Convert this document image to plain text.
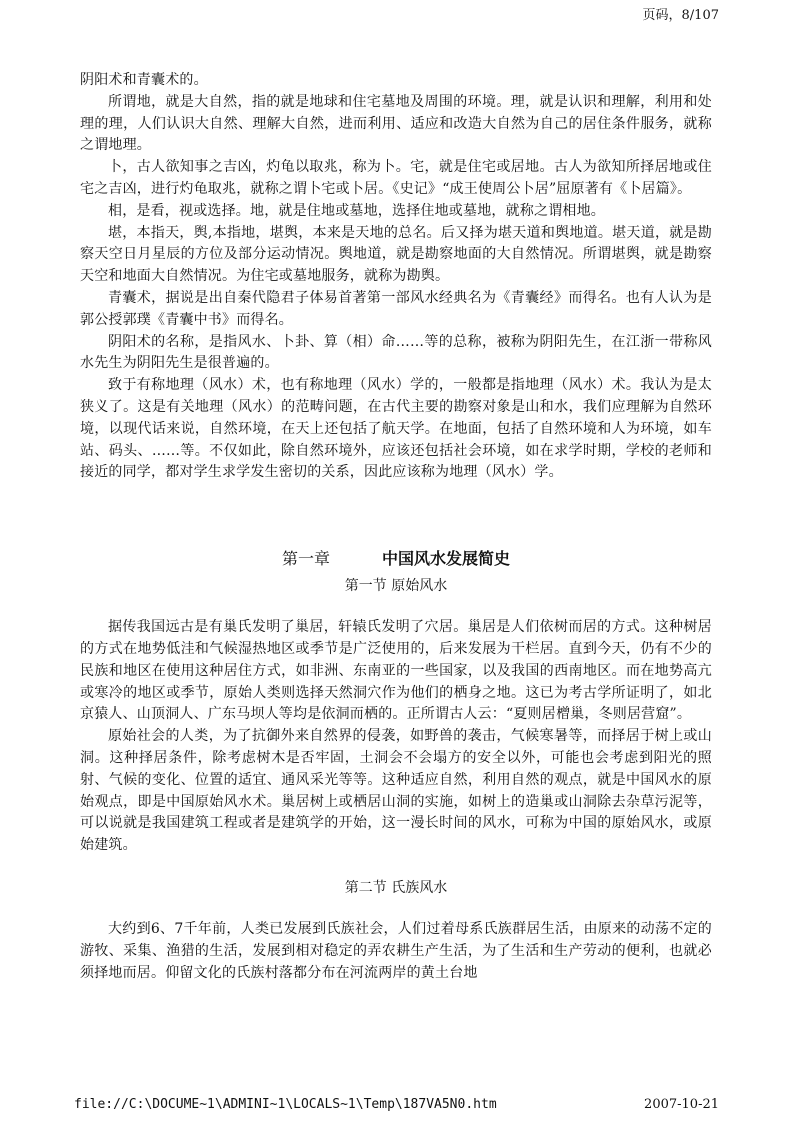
页码，8/107

阴阳术和青囊术的。

所谓地，就是大自然，指的就是地球和住宅墓地及周围的环境。理，就是认识和理解，利用和处理的理，人们认识大自然、理解大自然，进而利用、适应和改造大自然为自己的居住条件服务，就称之谓地理。

卜，古人欲知事之吉凶，灼龟以取兆，称为卜。宅，就是住宅或居地。古人为欲知所择居地或住宅之吉凶，进行灼龟取兆，就称之谓卜宅或卜居。《史记》“成王使周公卜居”屈原著有《卜居篇》。

相，是看，视或选择。地，就是住地或墓地，选择住地或墓地，就称之谓相地。

堪，本指天，舆,本指地，堪舆，本来是天地的总名。后又择为堪天道和舆地道。堪天道，就是勘察天空日月星辰的方位及部分运动情况。舆地道，就是勘察地面的大自然情况。所谓堪舆，就是勘察天空和地面大自然情况。为住宅或墓地服务，就称为勘舆。

青囊术，据说是出自秦代隐君子体易首著第一部风水经典名为《青囊经》而得名。也有人认为是郭公授郭璞《青囊中书》而得名。

阴阳术的名称，是指风水、卜卦、算（相）命……等的总称，被称为阴阳先生，在江浙一带称风水先生为阴阳先生是很普遍的。

致于有称地理（风水）术，也有称地理（风水）学的，一般都是指地理（风水）术。我认为是太狭义了。这是有关地理（风水）的范畴问题，在古代主要的勘察对象是山和水，我们应理解为自然环境，以现代话来说，自然环境，在天上还包括了航天学。在地面，包括了自然环境和人为环境，如车站、码头、……等。不仅如此，除自然环境外，应该还包括社会环境，如在求学时期，学校的老师和接近的同学，都对学生求学发生密切的关系，因此应该称为地理（风水）学。

第一章	中国风水发展简史
第一节 原始风水

据传我国远古是有巢氏发明了巢居，轩辕氏发明了穴居。巢居是人们依树而居的方式。这种树居的方式在地势低洼和气候湿热地区或季节是广泛使用的，后来发展为干栏居。直到今天，仍有不少的民族和地区在使用这种居住方式，如非洲、东南亚的一些国家，以及我国的西南地区。而在地势高亢或寒冷的地区或季节，原始人类则选择天然洞穴作为他们的栖身之地。这已为考古学所证明了，如北京猿人、山顶洞人、广东马坝人等均是依洞而栖的。正所谓古人云：“夏则居橧巢，冬则居营窟”。

原始社会的人类，为了抗御外来自然界的侵袭，如野兽的袭击，气候寒暑等，而择居于树上或山洞。这种择居条件，除考虑树木是否牢固，土洞会不会塌方的安全以外，可能也会考虑到阳光的照射、气候的变化、位置的适宜、通风采光等等。这种适应自然，利用自然的观点，就是中国风水的原始观点，即是中国原始风水术。巢居树上或栖居山洞的实施，如树上的造巢或山洞除去杂草污泥等，可以说就是我国建筑工程或者是建筑学的开始，这一漫长时间的风水，可称为中国的原始风水，或原始建筑。

第二节 氏族风水

大约到6、7千年前，人类已发展到氏族社会，人们过着母系氏族群居生活，由原来的动荡不定的游牧、采集、渔猎的生活，发展到相对稳定的弄农耕生产生活，为了生活和生产劳动的便利，也就必须择地而居。仰留文化的氏族村落都分布在河流两岸的黄土台地

file://C:\DOCUME~1\ADMINI~1\LOCALS~1\Temp\187VA5N0.htm	2007-10-21
